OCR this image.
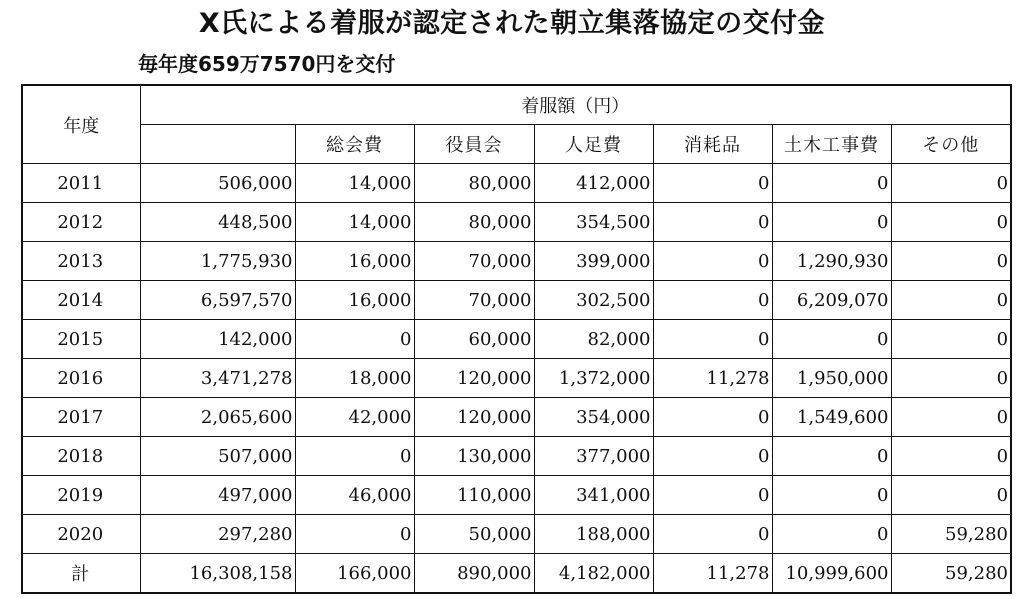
X氏による着服が認定された朝立集落協定の交付金
毎年度659万7570円を交付
年度	着服額（円）						
		総会費	役員会	人足費	消耗品	土木工事費	その他
2011	506,000	14,000	80,000	412,000	0	0	0
2012	448,500	14,000	80,000	354,500	0	0	0
2013	1,775,930	16,000	70,000	399,000	0	1,290,930	0
2014	6,597,570	16,000	70,000	302,500	0	6,209,070	0
2015	142,000	0	60,000	82,000	0	0	0
2016	3,471,278	18,000	120,000	1,372,000	11,278	1,950,000	0
2017	2,065,600	42,000	120,000	354,000	0	1,549,600	0
2018	507,000	0	130,000	377,000	0	0	0
2019	497,000	46,000	110,000	341,000	0	0	0
2020	297,280	0	50,000	188,000	0	0	59,280
計	16,308,158	166,000	890,000	4,182,000	11,278	10,999,600	59,280
